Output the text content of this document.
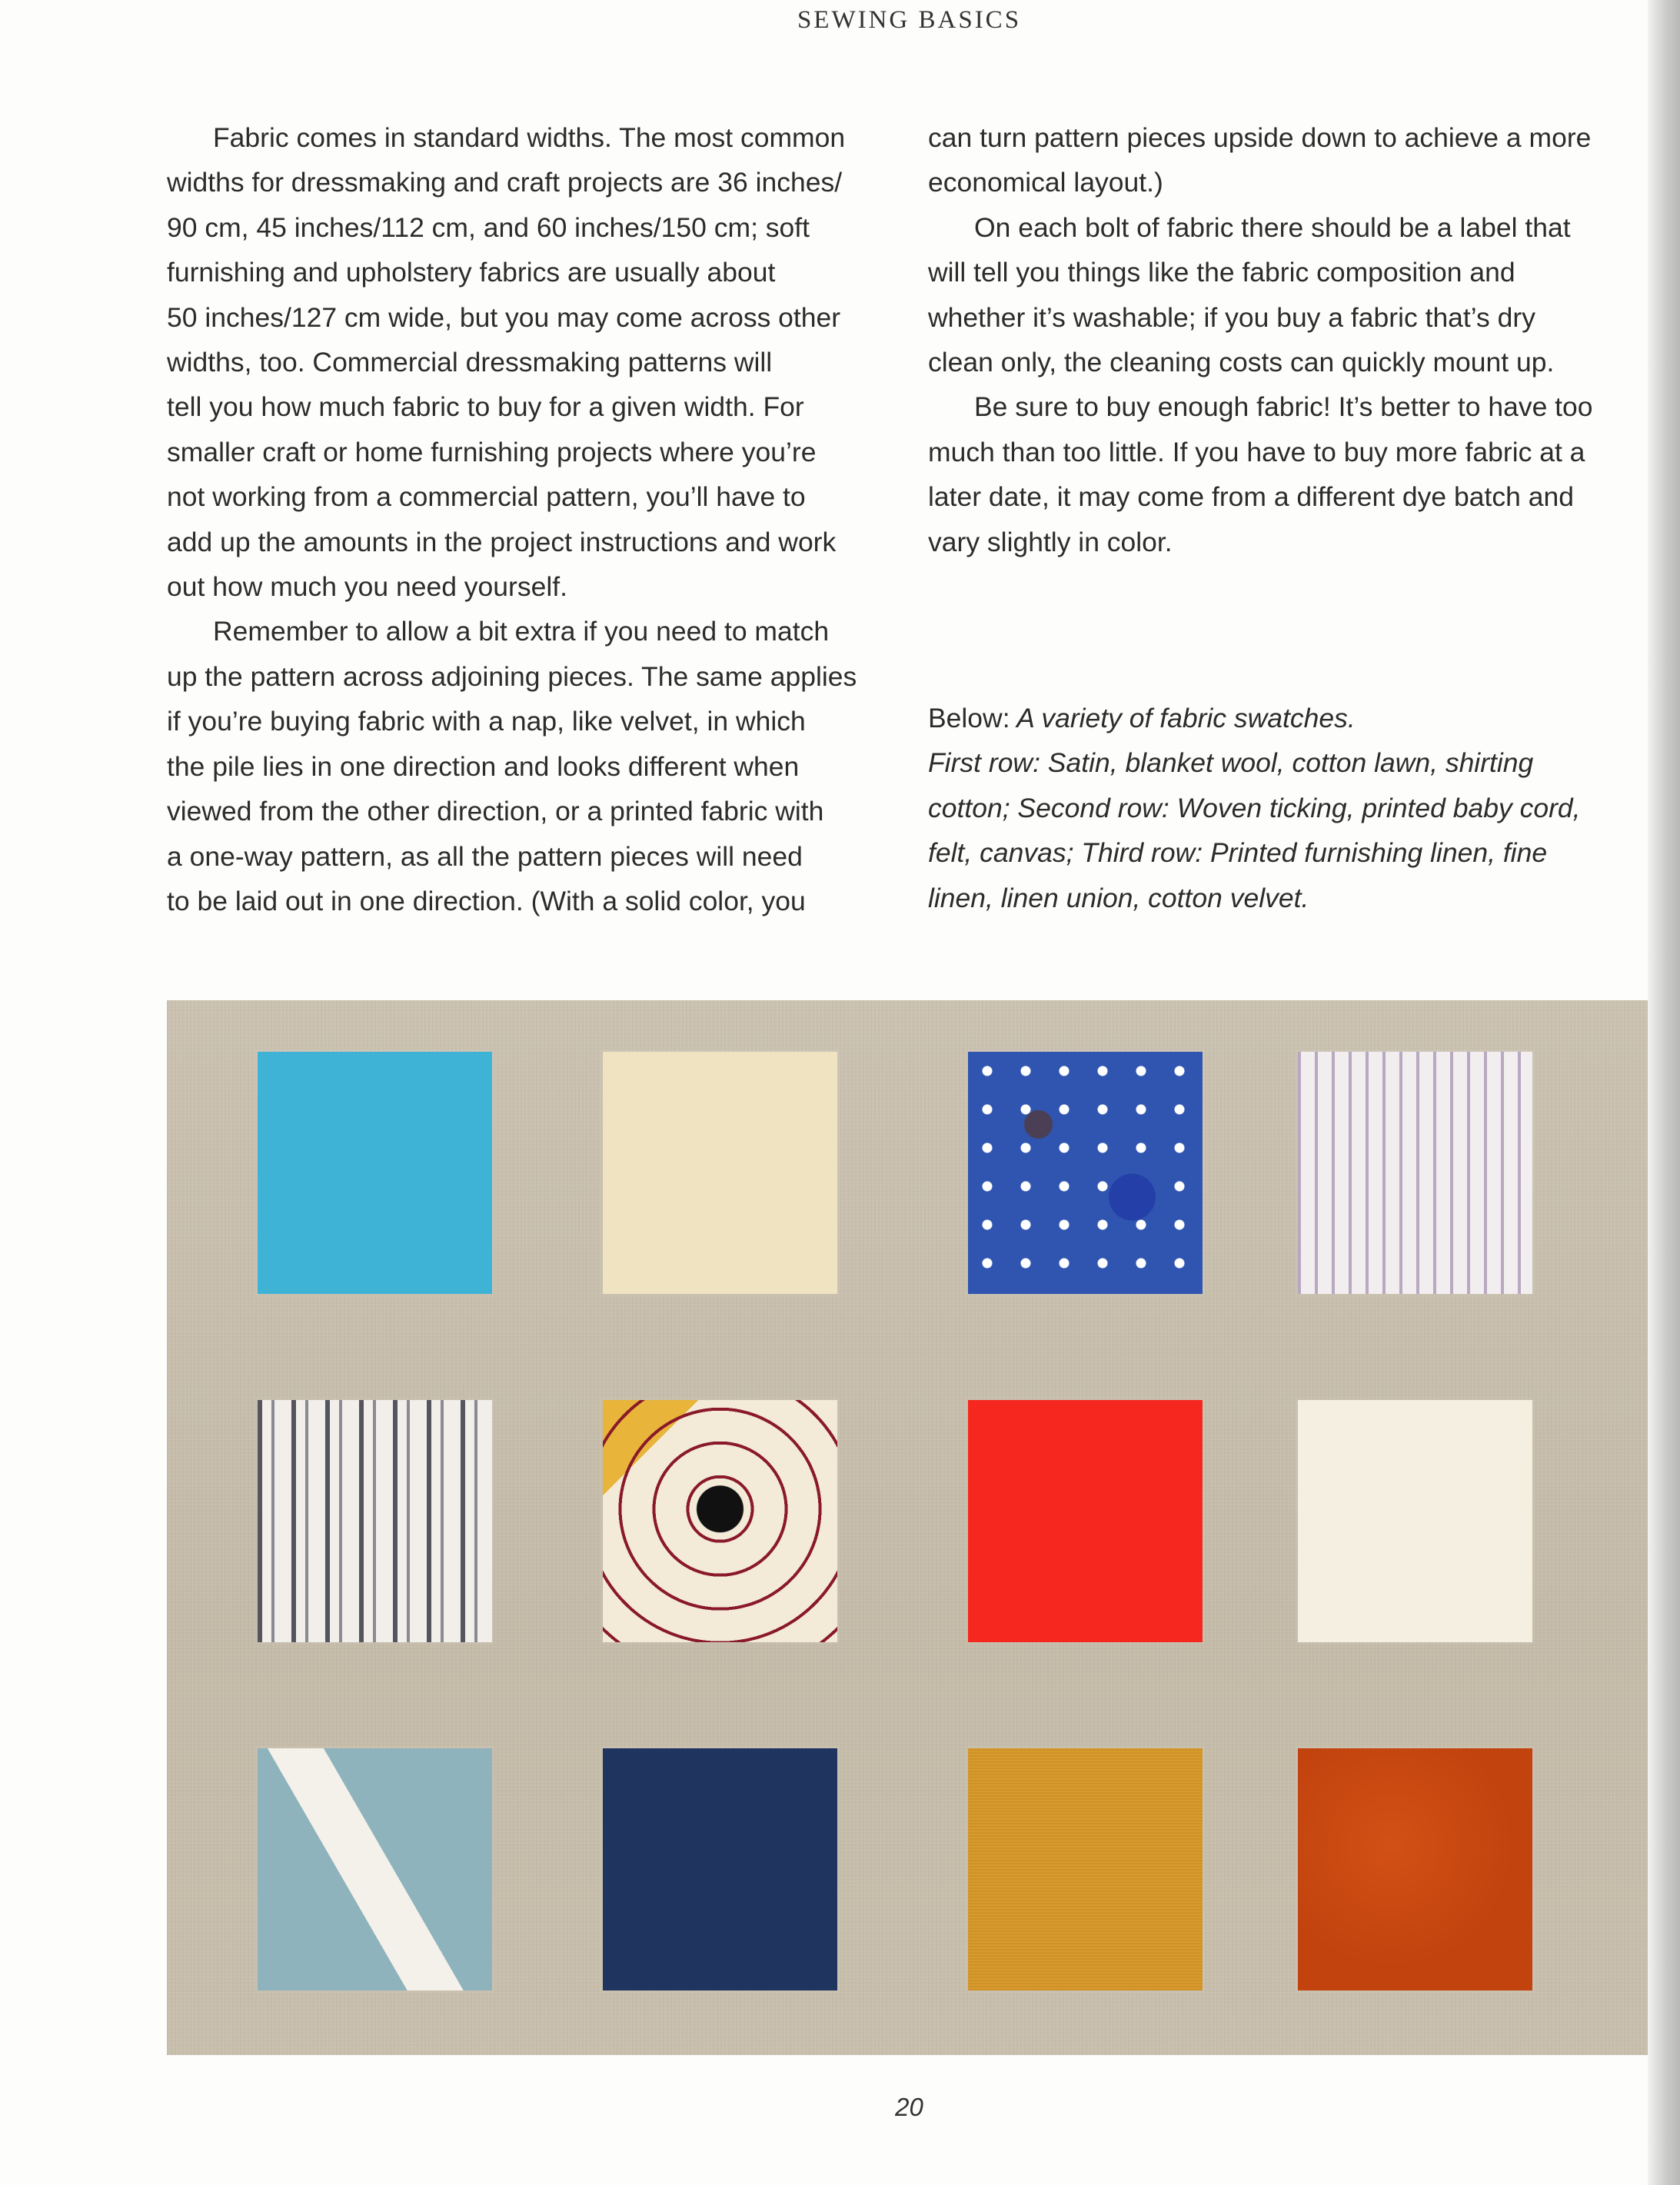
SEWING BASICS
Fabric comes in standard widths. The most common
widths for dressmaking and craft projects are 36 inches/
90 cm, 45 inches/112 cm, and 60 inches/150 cm; soft
furnishing and upholstery fabrics are usually about
50 inches/127 cm wide, but you may come across other
widths, too. Commercial dressmaking patterns will
tell you how much fabric to buy for a given width. For
smaller craft or home furnishing projects where you’re
not working from a commercial pattern, you’ll have to
add up the amounts in the project instructions and work
out how much you need yourself.
Remember to allow a bit extra if you need to match
up the pattern across adjoining pieces. The same applies
if you’re buying fabric with a nap, like velvet, in which
the pile lies in one direction and looks different when
viewed from the other direction, or a printed fabric with
a one-way pattern, as all the pattern pieces will need
to be laid out in one direction. (With a solid color, you
can turn pattern pieces upside down to achieve a more
economical layout.)
On each bolt of fabric there should be a label that
will tell you things like the fabric composition and
whether it’s washable; if you buy a fabric that’s dry
clean only, the cleaning costs can quickly mount up.
Be sure to buy enough fabric! It’s better to have too
much than too little. If you have to buy more fabric at a
later date, it may come from a different dye batch and
vary slightly in color.
Below: A variety of fabric swatches.
First row: Satin, blanket wool, cotton lawn, shirting
cotton; Second row: Woven ticking, printed baby cord,
felt, canvas; Third row: Printed furnishing linen, fine
linen, linen union, cotton velvet.
20
